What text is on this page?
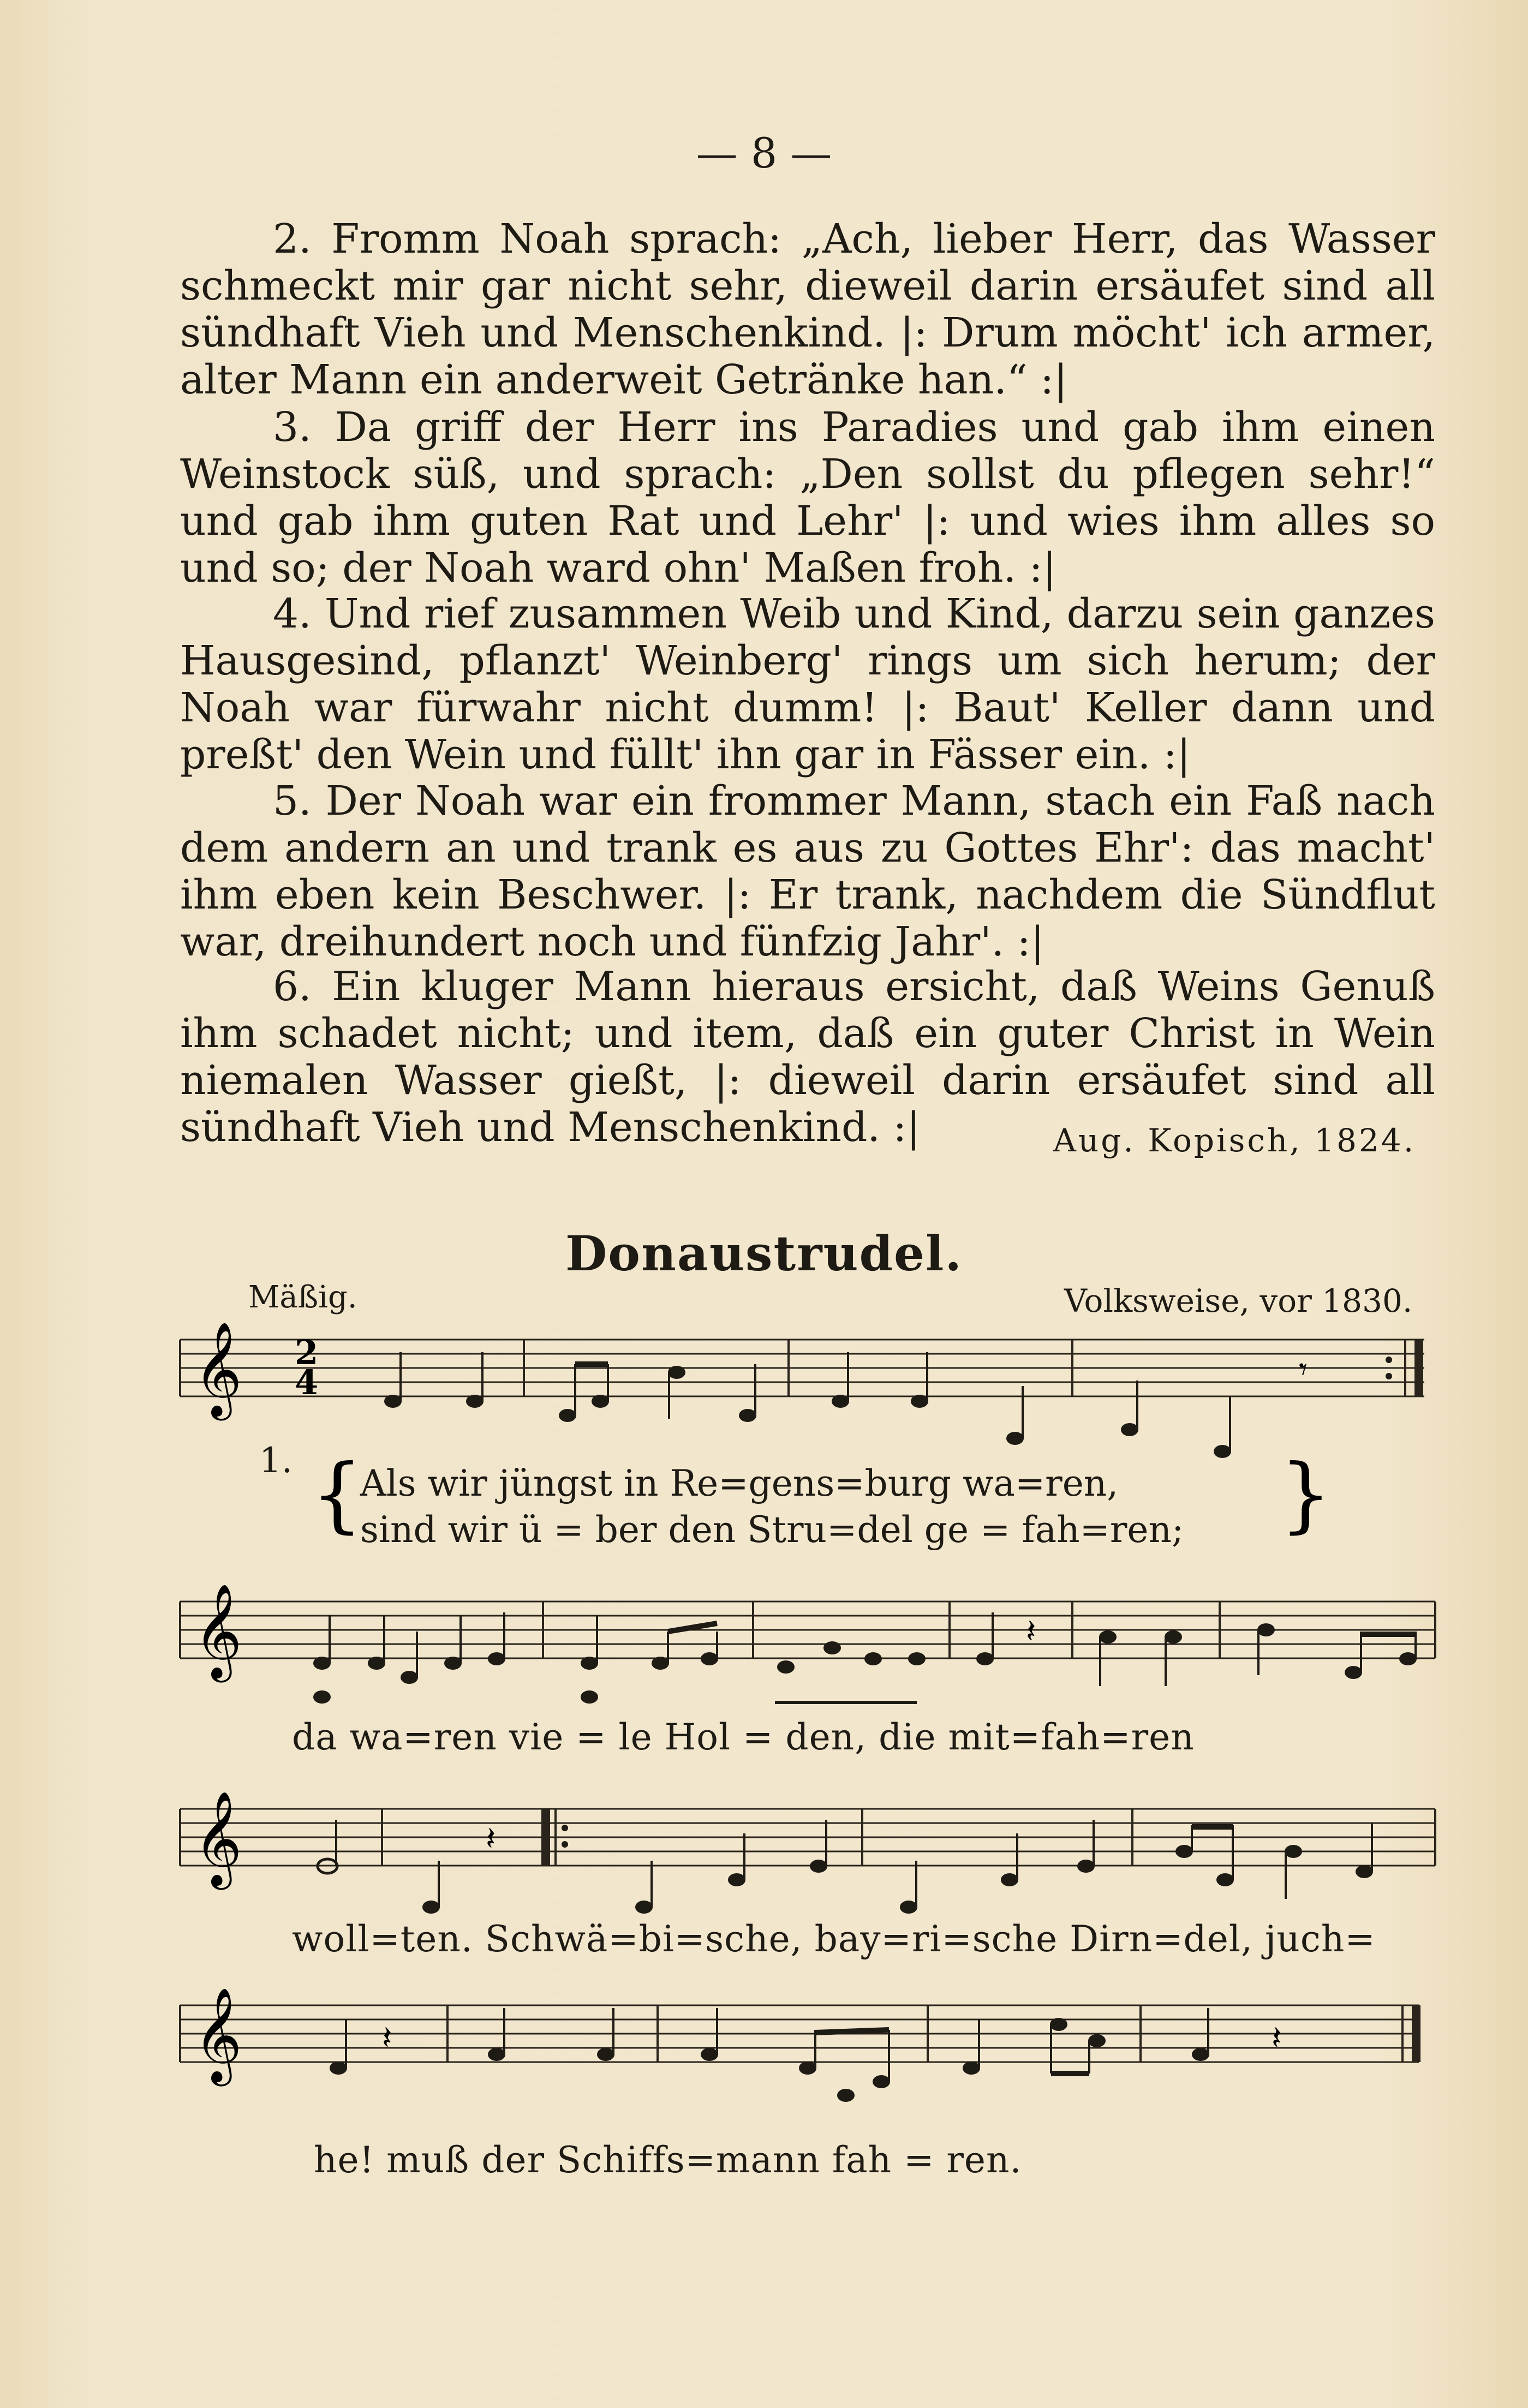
— 8 —
2. Fromm Noah sprach: „Ach, lieber Herr, das Wasser schmeckt mir gar nicht sehr, dieweil darin ersäufet sind all sündhaft Vieh und Menschenkind. |: Drum möcht' ich armer, alter Mann ein anderweit Getränke han.“ :|
3. Da griff der Herr ins Paradies und gab ihm einen Weinstock süß, und sprach: „Den sollst du pflegen sehr!“ und gab ihm guten Rat und Lehr' |: und wies ihm alles so und so; der Noah ward ohn' Maßen froh. :|
4. Und rief zusammen Weib und Kind, darzu sein ganzes Hausgesind, pflanzt' Weinberg' rings um sich herum; der Noah war fürwahr nicht dumm! |: Baut' Keller dann und preßt' den Wein und füllt' ihn gar in Fässer ein. :|
5. Der Noah war ein frommer Mann, stach ein Faß nach dem andern an und trank es aus zu Gottes Ehr': das macht' ihm eben kein Beschwer. |: Er trank, nachdem die Sündflut war, dreihundert noch und fünfzig Jahr'. :|
6. Ein kluger Mann hieraus ersicht, daß Weins Genuß ihm schadet nicht; und item, daß ein guter Christ in Wein niemalen Wasser gießt, |: dieweil darin ersäufet sind all sündhaft Vieh und Menschenkind. :|	Aug. Kopisch, 1824.
Donaustrudel.
Mäßig.	Volksweise, vor 1830.
𝄞 2
4	𝄾
{	}
𝄞	𝄽
𝄞	𝄽
𝄞	𝄽	𝄽
1.
Als wir jüngst in Re=gens=burg wa=ren,
sind wir ü = ber den Stru=del ge = fah=ren;
da wa=ren vie = le Hol = den, die mit=fah=ren
woll=ten. Schwä=bi=sche, bay=ri=sche Dirn=del, juch=
he! muß der Schiffs=mann fah = ren.
